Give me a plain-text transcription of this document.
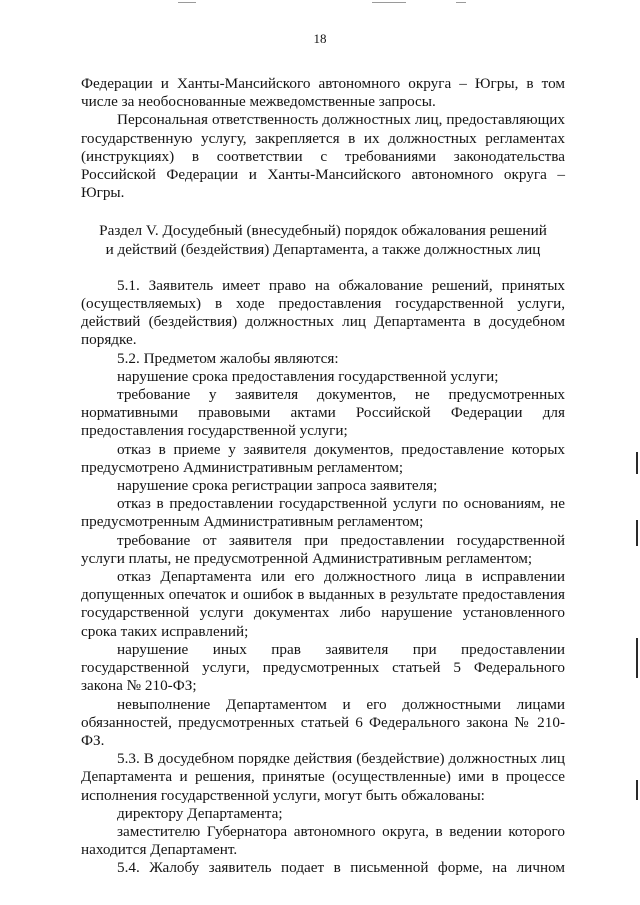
18

Федерации и Ханты-Мансийского автономного округа – Югры, в том числе за необоснованные межведомственные запросы.

Персональная ответственность должностных лиц, предоставляющих государственную услугу, закрепляется в их должностных регламентах (инструкциях) в соответствии с требованиями законодательства Российской Федерации и Ханты-Мансийского автономного округа – Югры.

Раздел V. Досудебный (внесудебный) порядок обжалования решений

и действий (бездействия) Департамента, а также должностных лиц

5.1. Заявитель имеет право на обжалование решений, принятых (осуществляемых) в ходе предоставления государственной услуги, действий (бездействия) должностных лиц Департамента в досудебном порядке.

5.2. Предметом жалобы являются:

нарушение срока предоставления государственной услуги;

требование у заявителя документов, не предусмотренных нормативными правовыми актами Российской Федерации для предоставления государственной услуги;

отказ в приеме у заявителя документов, предоставление которых предусмотрено Административным регламентом;

нарушение срока регистрации запроса заявителя;

отказ в предоставлении государственной услуги по основаниям, не предусмотренным Административным регламентом;

требование от заявителя при предоставлении государственной услуги платы, не предусмотренной Административным регламентом;

отказ Департамента или его должностного лица в исправлении допущенных опечаток и ошибок в выданных в результате предоставления государственной услуги документах либо нарушение установленного срока таких исправлений;

нарушение иных прав заявителя при предоставлении государственной услуги, предусмотренных статьей 5 Федерального закона № 210-ФЗ;

невыполнение Департаментом и его должностными лицами обязанностей, предусмотренных статьей 6 Федерального закона № 210-ФЗ.

5.3. В досудебном порядке действия (бездействие) должностных лиц Департамента и решения, принятые (осуществленные) ими в процессе исполнения государственной услуги, могут быть обжалованы:

директору Департамента;

заместителю Губернатора автономного округа, в ведении которого находится Департамент.

5.4. Жалобу заявитель подает в письменной форме, на личном
